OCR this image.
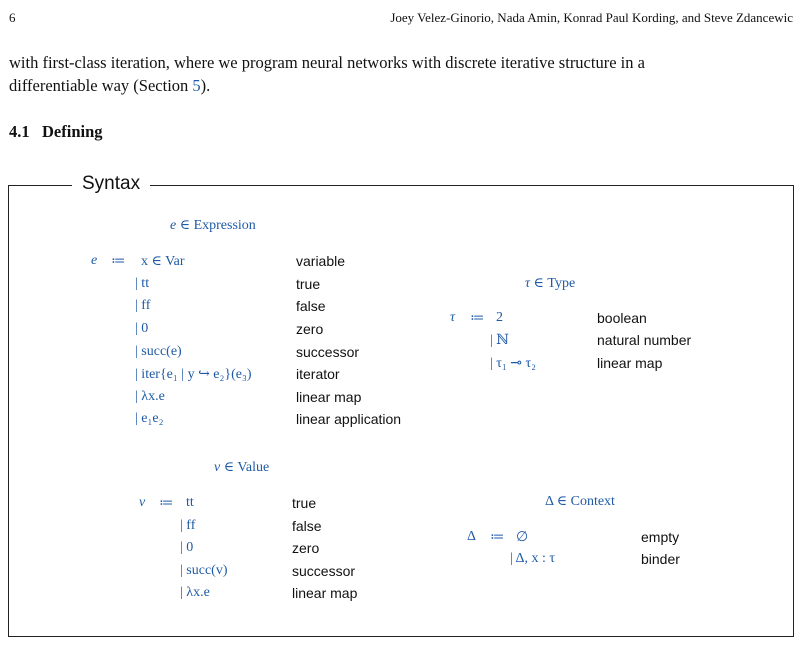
6	Joey Velez-Ginorio, Nada Amin, Konrad Paul Kording, and Steve Zdancewic
with first-class iteration, where we program neural networks with discrete iterative structure in a
differentiable way (Section 5).
4.1 Defining
Syntax
e ∈ Expression
e ≔ x ∈ Var	variable
| tt	true
| ff	false
| 0	zero
| succ(e)	successor
| iter{e₁ | y ↪ e₂}(e₃)	iterator
| λx.e	linear map
| e₁e₂	linear application
τ ∈ Type
τ ≔ 2	boolean
| ℕ	natural number
| τ₁ ⊸ τ₂	linear map
v ∈ Value
v ≔ tt	true
| ff	false
| 0	zero
| succ(v)	successor
| λx.e	linear map
Δ ∈ Context
Δ ≔ ∅	empty
| Δ, x : τ	binder
